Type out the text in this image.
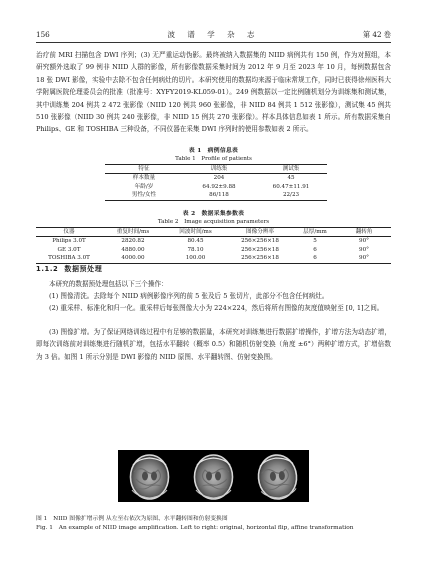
156	波 谱 学 杂 志	第 42 卷
治疗前 MRI 扫描包含 DWI 序列；(3) 无严重运动伪影。最终被纳入数据集的 NIID 病例共有 150 例，作为对照组，本研究额外选取了 99 例非 NIID 人群的影像，所有影像数据采集时间为 2012 年 9 月至 2023 年 10 月，每例数据包含 18 张 DWI 影像，实验中去除不包含任何病灶的切片。本研究使用的数据均来源于临床常规工作，同时已获得徐州医科大学附属医院伦理委员会的批准（批准号：XYFY2019-KL059-01）。249 例数据以一定比例随机划分为训练集和测试集，其中训练集 204 例共 2 472 张影像（NIID 120 例共 960 张影像，非 NIID 84 例共 1 512 张影像），测试集 45 例共 510 张影像（NIID 30 例共 240 张影像，非 NIID 15 例共 270 张影像）。样本具体信息如表 1 所示。所有数据采集自 Philips、GE 和 TOSHIBA 三种设备，不同仪器在采集 DWI 序列时的使用参数如表 2 所示。
表 1　病例信息表
Table 1　Profile of patients
特征	训练集	测试集
样本数量	204	45
年龄/岁	64.92±9.88	60.47±11.91
男性/女性	86/118	22/23
表 2　数据采集参数表
Table 2　Image acquisition parameters
仪器	重复时间/ms	回波时间/ms	图像分辨率	层厚/mm	翻转角
Philips 3.0T	2820.82	80.45	256×256×18	5	90°
GE 3.0T	4880.00	78.10	256×256×18	6	90°
TOSHIBA 3.0T	4000.00	100.00	256×256×18	6	90°
1.1.2 数据预处理
本研究的数据预处理包括以下三个操作：
(1) 图像清洗。去除每个 NIID 病例影像序列的前 5 张及后 5 张切片，此部分不包含任何病灶。
(2) 重采样、标准化和归一化。重采样后每张图像大小为 224×224，然后将所有图像的灰度值映射至 [0, 1]之间。
(3) 图像扩增。为了保证网络训练过程中有足够的数据量，本研究对训练集进行数据扩增操作，扩增方法为动态扩增，即每次训练前对训练集进行随机扩增，包括水平翻转（概率 0.5）和随机仿射变换（角度 ±6°）两种扩增方式，扩增倍数为 3 倍。如图 1 所示分别是 DWI 影像的 NIID 原图、水平翻转图、仿射变换图。
图 1　NIID 图像扩增示例 从左至右依次为原图、水平翻转图和仿射变换图
Fig. 1　An example of NIID image amplification. Left to right: original, horizontal flip, affine transformation
